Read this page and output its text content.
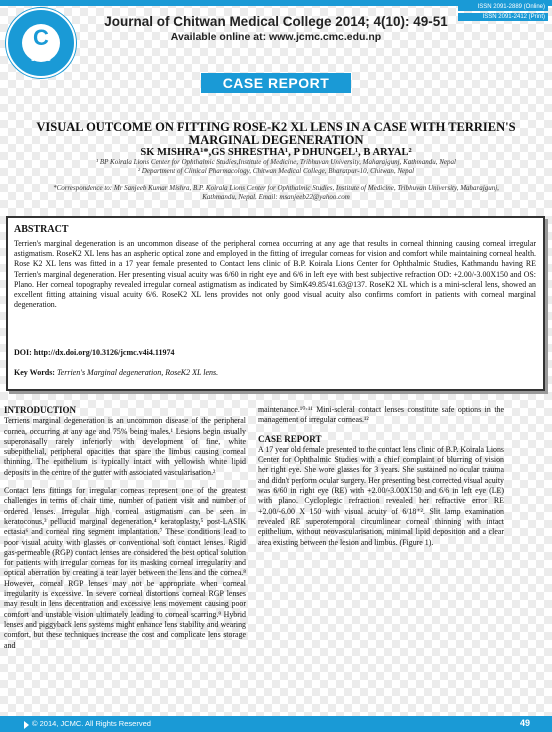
C
JCMC
ISSN 2091-2889 (Online)
ISSN 2091-2412 (Print)
Journal of Chitwan Medical College 2014; 4(10): 49-51
Available online at: www.jcmc.cmc.edu.np
CASE REPORT
VISUAL OUTCOME ON FITTING ROSE-K2 XL LENS IN A CASE WITH TERRIEN'S MARGINAL DEGENERATION
SK MISHRA¹*,GS SHRESTHA¹, P DHUNGEL¹, B ARYAL²
¹ BP Koirala Lions Center for Ophthalmic Studies,Institute of Medicine, Tribhuvan University, Maharajgunj, Kathmandu, Nepal
² Department of Clinical Pharmacology, Chitwan Medical College, Bharatpur-10, Chitwan, Nepal
*Correspondence to: Mr Sanjeeb Kumar Mishra, B.P. Koirala Lions Center for Ophthalmic Studies, Institute of Medicine, Tribhuvan University, Maharajgunj, Kathmandu, Nepal. Email: msanjeeb22@yahoo.com
ABSTRACT
Terrien's marginal degeneration is an uncommon disease of the peripheral cornea occurring at any age that results in corneal thinning causing corneal irregular astigmatism. RoseK2 XL lens has an aspheric optical zone and employed in the fitting of irregular corneas for vision and comfort while maintaining corneal health. Rose K2 XL lens was fitted in a 17 year female presented to Contact lens clinic of B.P. Koirala Lions Center for Ophthalmic Studies, Kathmandu having RE Terrien's marginal degeneration. Her presenting visual acuity was 6/60 in right eye and 6/6 in left eye with best subjective refraction OD: +2.00/-3.00X150 and OS: Plano. Her corneal topography revealed irregular corneal astigmatism as indicated by SimK49.85/41.63@137. RoseK2 XL which is a mini-scleral lens, showed an excellent fitting attaining visual acuity 6/6. RoseK2 XL lens provides not only good visual acuity also confirms comfort in patients with corneal marginal degeneration.
DOI: http://dx.doi.org/10.3126/jcmc.v4i4.11974
Key Words: Terrien's Marginal degeneration, RoseK2 XL lens.
INTRODUCTION

Terriens marginal degeneration is an uncommon disease of the peripheral cornea, occurring at any age and 75% being males.¹ Lesions begin usually superonasally rarely inferiorly with development of fine, white subepithelial, peripheral opacities that spare the limbus causing corneal thinning. The epithelium is typically intact with yellowish white lipid deposits in the centre of the gutter with associated vascularisation.²

Contact lens fittings for irregular corneas represent one of the greatest challenges in terms of chair time, number of patient visit and number of ordered lenses. Irregular high corneal astigmatism can be seen in keratoconus,³ pellucid marginal degeneration,⁴ keratoplasty,⁵ post-LASIK ectasia⁶ and corneal ring segment implantation.⁷ These conditions lead to poor visual acuity with glasses or conventional soft contact lenses. Rigid gas-permeable (RGP) contact lenses are considered the best optical solution for patients with irregular corneas for its masking corneal irregularity and optical aberration by creating a tear layer between the lens and the cornea.⁸ However, corneal RGP lenses may not be appropriate when corneal irregularity is excessive. In severe corneal distortions corneal RGP lenses may result in lens decentration and excessive lens movement causing poor comfort and unstable vision ultimately leading to corneal scarring.⁹ Hybrid lenses and piggyback lens systems might enhance lens stability and wearing comfort, but these techniques increase the cost and complicate lens storage and

maintenance.¹⁰·¹¹ Mini-scleral contact lenses constitute safe options in the management of irregular corneas.¹²

CASE REPORT

A 17 year old female presented to the contact lens clinic of B.P. Koirala Lions Center for Ophthalmic Studies with a chief complaint of blurring of vision her right eye. She wore glasses for 3 years. She sustained no ocular trauma and didn't perform ocular surgery. Her presenting best corrected visual acuity was 6/60 in right eye (RE) with +2.00/-3.00X150 and 6/6 in left eye (LE) with plano. Cycloplegic refraction revealed her refractive error RE +2.00/-6.00 X 150 with visual acuity of 6/18⁺². Slit lamp examination revealed RE superotemporal circumlinear corneal thinning with intact epithelium, without neovascularisation, minimal lipid deposition and a clear area existing between the lesion and limbus. (Figure 1).

© 2014, JCMC. All Rights Reserved	49
